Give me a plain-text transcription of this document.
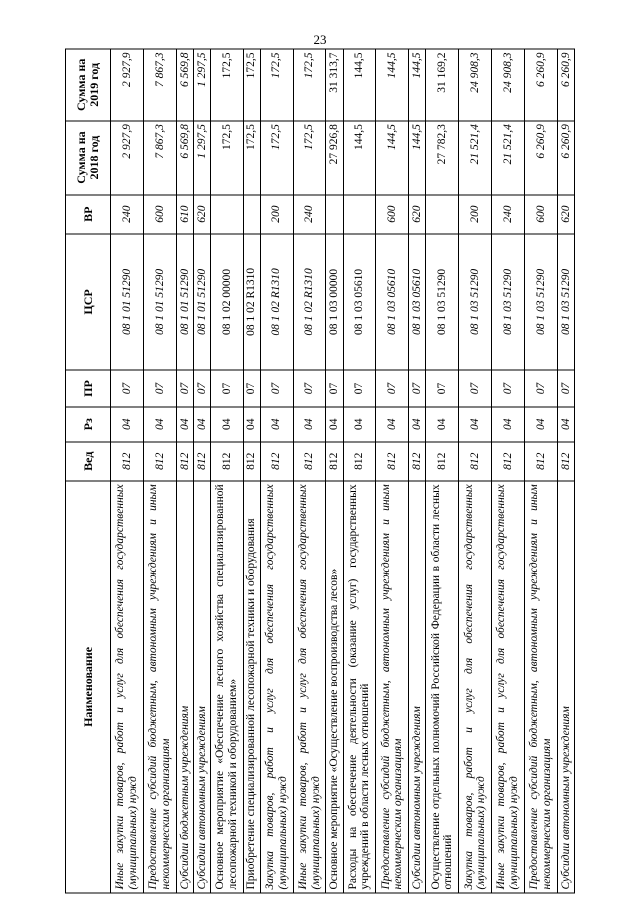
23
Наименование	Вед	Рз	ПР	ЦСР	ВР	Сумма на 2018 год	Сумма на 2019 год
Иные закупки товаров, работ и услуг для обеспечения государственных (муниципальных) нужд	812	04	07	08 1 01 51290	240	2 927,9	2 927,9
Предоставление субсидий бюджетным, автономным учреждениям и иным некоммерческим организациям	812	04	07	08 1 01 51290	600	7 867,3	7 867,3
Субсидии бюджетным учреждениям	812	04	07	08 1 01 51290	610	6 569,8	6 569,8
Субсидии автономным учреждениям	812	04	07	08 1 01 51290	620	1 297,5	1 297,5
Основное мероприятие «Обеспечение лесного хозяйства специализированной лесопожарной техникой и оборудованием»	812	04	07	08 1 02 00000		172,5	172,5
Приобретение специализированной лесопожарной техники и оборудования	812	04	07	08 1 02 R1310		172,5	172,5
Закупка товаров, работ и услуг для обеспечения государственных (муниципальных) нужд	812	04	07	08 1 02 R1310	200	172,5	172,5
Иные закупки товаров, работ и услуг для обеспечения государственных (муниципальных) нужд	812	04	07	08 1 02 R1310	240	172,5	172,5
Основное мероприятие «Осуществление воспроизводства лесов»	812	04	07	08 1 03 00000		27 926,8	31 313,7
Расходы на обеспечение деятельности (оказание услуг) государственных учреждений в области лесных отношений	812	04	07	08 1 03 05610		144,5	144,5
Предоставление субсидий бюджетным, автономным учреждениям и иным некоммерческим организациям	812	04	07	08 1 03 05610	600	144,5	144,5
Субсидии автономным учреждениям	812	04	07	08 1 03 05610	620	144,5	144,5
Осуществление отдельных полномочий Российской Федерации в области лесных отношений	812	04	07	08 1 03 51290		27 782,3	31 169,2
Закупка товаров, работ и услуг для обеспечения государственных (муниципальных) нужд	812	04	07	08 1 03 51290	200	21 521,4	24 908,3
Иные закупки товаров, работ и услуг для обеспечения государственных (муниципальных) нужд	812	04	07	08 1 03 51290	240	21 521,4	24 908,3
Предоставление субсидий бюджетным, автономным учреждениям и иным некоммерческим организациям	812	04	07	08 1 03 51290	600	6 260,9	6 260,9
Субсидии автономным учреждениям	812	04	07	08 1 03 51290	620	6 260,9	6 260,9
